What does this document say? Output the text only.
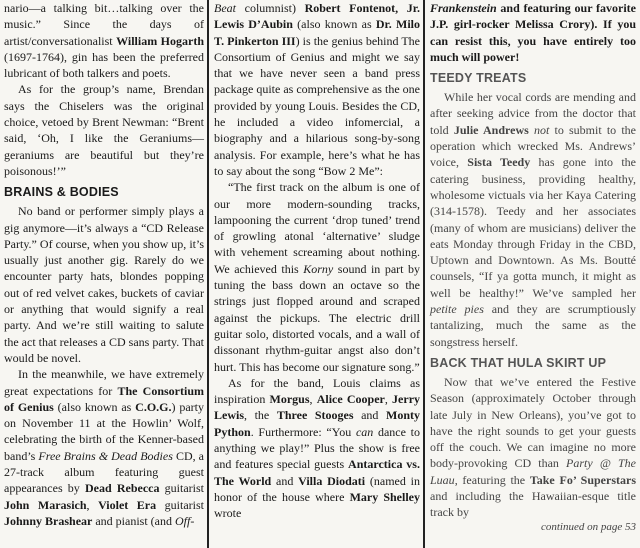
nario—a talking bit…talking over the music.” Since the days of artist/conversationalist William Hogarth (1697-1764), gin has been the preferred lubricant of both talkers and poets.

As for the group’s name, Brendan says the Chiselers was the original choice, vetoed by Brent Newman: “Brent said, ‘Oh, I like the Geraniums—geraniums are beautiful but they’re poisonous!’”

BRAINS & BODIES

No band or performer simply plays a gig anymore—it’s always a “CD Release Party.” Of course, when you show up, it’s usually just another gig. Rarely do we encounter party hats, blondes popping out of red velvet cakes, buckets of caviar or anything that would signify a real party. And we’re still waiting to salute the act that releases a CD sans party. That would be novel.

In the meanwhile, we have extremely great expectations for The Consortium of Genius (also known as C.O.G.) party on November 11 at the Howlin’ Wolf, celebrating the birth of the Kenner-based band’s Free Brains & Dead Bodies CD, a 27-track album featuring guest appearances by Dead Rebecca guitarist John Marasich, Violet Era guitarist Johnny Brashear and pianist (and Off-

Beat columnist) Robert Fontenot, Jr. Lewis D’Aubin (also known as Dr. Milo T. Pinkerton III) is the genius behind The Consortium of Genius and might we say that we have never seen a band press package quite as comprehensive as the one provided by young Louis. Besides the CD, he included a video infomercial, a biography and a hilarious song-by-song analysis. For example, here’s what he has to say about the song “Bow 2 Me”:

“The first track on the album is one of our more modern-sounding tracks, lampooning the current ‘drop tuned’ trend of growling atonal ‘alternative’ sludge with vehement screaming about nothing. We achieved this Korny sound in part by tuning the bass down an octave so the strings just flopped around and scraped against the pickups. The electric drill guitar solo, distorted vocals, and a wall of dissonant rhythm-guitar angst also don’t hurt. This has become our signature song.”

As for the band, Louis claims as inspiration Morgus, Alice Cooper, Jerry Lewis, the Three Stooges and Monty Python. Furthermore: “You can dance to anything we play!” Plus the show is free and features special guests Antarctica vs. The World and Villa Diodati (named in honor of the house where Mary Shelley wrote

Frankenstein and featuring our favorite J.P. girl-rocker Melissa Crory). If you can resist this, you have entirely too much will power!

TEEDY TREATS

While her vocal cords are mending and after seeking advice from the doctor that told Julie Andrews not to submit to the operation which wrecked Ms. Andrews’ voice, Sista Teedy has gone into the catering business, providing healthy, wholesome victuals via her Kaya Catering (314-1578). Teedy and her associates (many of whom are musicians) deliver the eats Monday through Friday in the CBD, Uptown and Downtown. As Ms. Boutté counsels, “If ya gotta munch, it might as well be healthy!” We’ve sampled her petite pies and they are scrumptiously tantalizing, much the same as the songstress herself.

BACK THAT HULA SKIRT UP

Now that we’ve entered the Festive Season (approximately October through late July in New Orleans), you’ve got to have the right sounds to get your guests off the couch. We can imagine no more body-provoking CD than Party @ The Luau, featuring the Take Fo’ Superstars and including the Hawaiian-esque title track by

continued on page 53
